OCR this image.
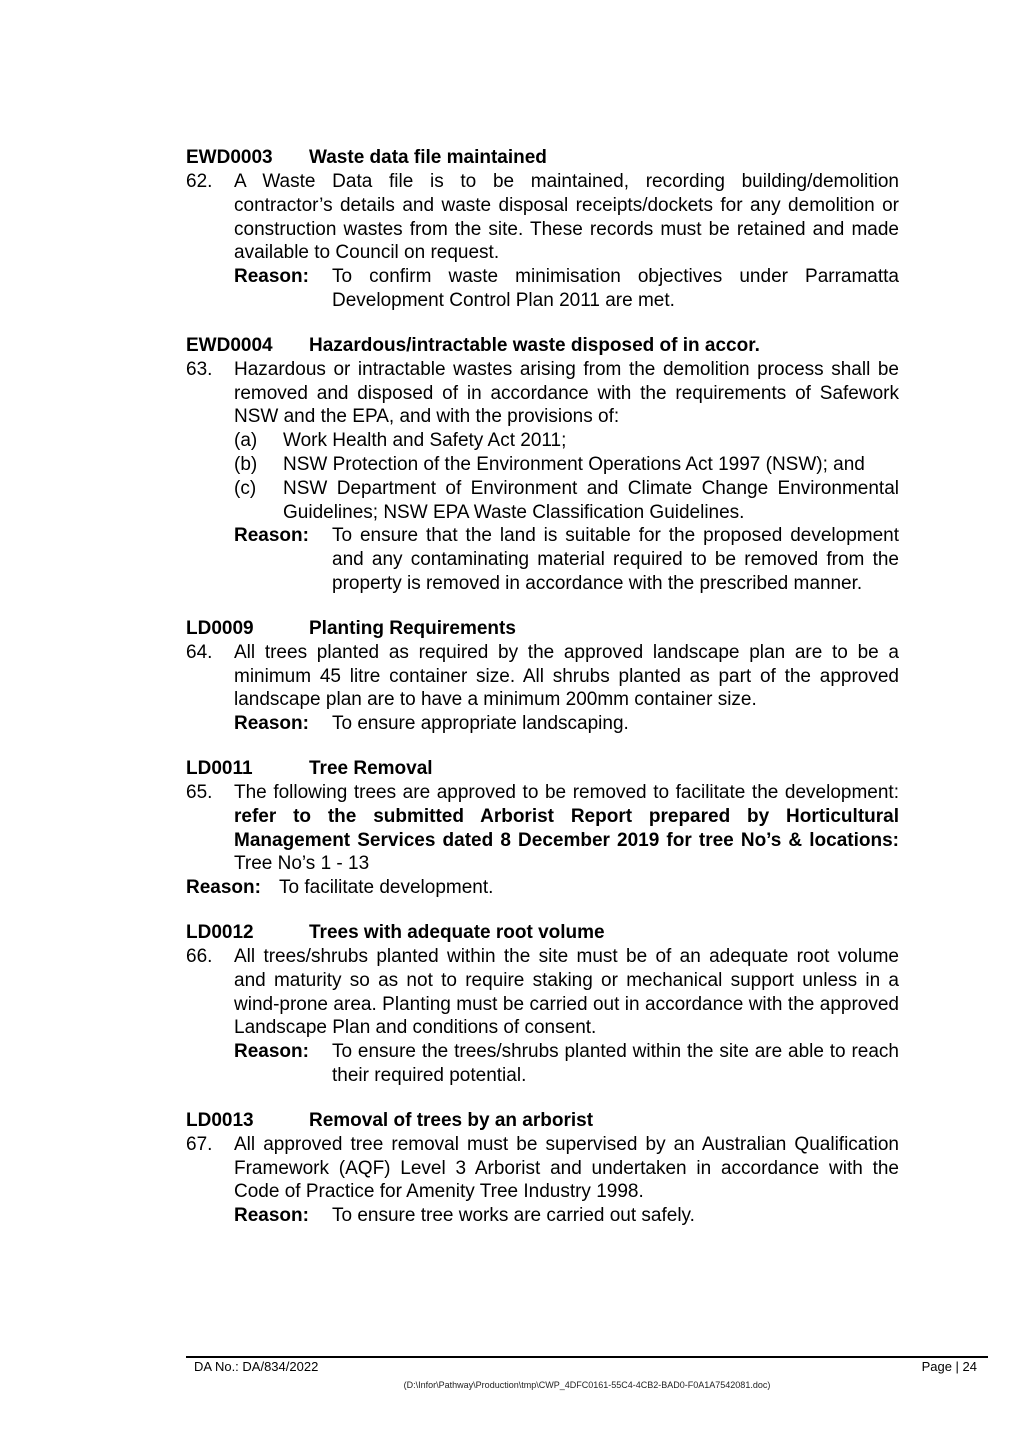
EWD0003	Waste data file maintained
62.	A Waste Data file is to be maintained, recording building/demolition contractor’s details and waste disposal receipts/dockets for any demolition or construction wastes from the site. These records must be retained and made available to Council on request.

Reason:	To confirm waste minimisation objectives under Parramatta Development Control Plan 2011 are met.
EWD0004	Hazardous/intractable waste disposed of in accor.
63.	Hazardous or intractable wastes arising from the demolition process shall be removed and disposed of in accordance with the requirements of Safework NSW and the EPA, and with the provisions of:

(a)	Work Health and Safety Act 2011;
(b)	NSW Protection of the Environment Operations Act 1997 (NSW); and
(c)	NSW Department of Environment and Climate Change Environmental Guidelines; NSW EPA Waste Classification Guidelines.
Reason:	To ensure that the land is suitable for the proposed development and any contaminating material required to be removed from the property is removed in accordance with the prescribed manner.
LD0009	Planting Requirements
64.	All trees planted as required by the approved landscape plan are to be a minimum 45 litre container size. All shrubs planted as part of the approved landscape plan are to have a minimum 200mm container size.

Reason:	To ensure appropriate landscaping.
LD0011	Tree Removal
65.	The following trees are approved to be removed to facilitate the development: refer to the submitted Arborist Report prepared by Horticultural Management Services dated 8 December 2019 for tree No’s & locations: Tree No’s 1 - 13

Reason: To facilitate development.
LD0012	Trees with adequate root volume
66.	All trees/shrubs planted within the site must be of an adequate root volume and maturity so as not to require staking or mechanical support unless in a wind-prone area. Planting must be carried out in accordance with the approved Landscape Plan and conditions of consent.

Reason:	To ensure the trees/shrubs planted within the site are able to reach their required potential.
LD0013	Removal of trees by an arborist
67.	All approved tree removal must be supervised by an Australian Qualification Framework (AQF) Level 3 Arborist and undertaken in accordance with the Code of Practice for Amenity Tree Industry 1998.

Reason:	To ensure tree works are carried out safely.
DA No.: DA/834/2022	Page | 24
(D:\Infor\Pathway\Production\tmp\CWP_4DFC0161-55C4-4CB2-BAD0-F0A1A7542081.doc)
